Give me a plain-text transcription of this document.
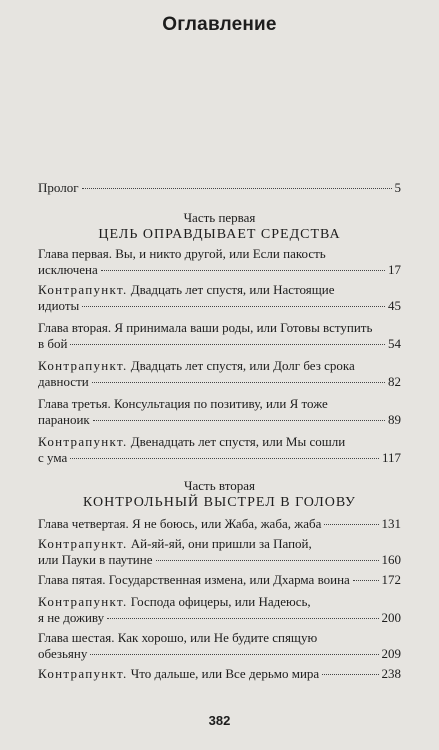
Оглавление
Пролог	5
Часть первая
ЦЕЛЬ ОПРАВДЫВАЕТ СРЕДСТВА
Глава первая. Вы, и никто другой, или Если пакость
исключена	17
Контрапункт. Двадцать лет спустя, или Настоящие
идиоты	45
Глава вторая. Я принимала ваши роды, или Готовы вступить
в бой	54
Контрапункт. Двадцать лет спустя, или Долг без срока
давности	82
Глава третья. Консультация по позитиву, или Я тоже
параноик	89
Контрапункт. Двенадцать лет спустя, или Мы сошли
с ума	117
Часть вторая
КОНТРОЛЬНЫЙ ВЫСТРЕЛ В ГОЛОВУ
Глава четвертая. Я не боюсь, или Жаба, жаба, жаба	131
Контрапункт. Ай-яй-яй, они пришли за Папой,
или Пауки в паутине	160
Глава пятая. Государственная измена, или Дхарма воина 172
Контрапункт. Господа офицеры, или Надеюсь,
я не доживу	200
Глава шестая. Как хорошо, или Не будите спящую
обезьяну	209
Контрапункт. Что дальше, или Все дерьмо мира	238
382
